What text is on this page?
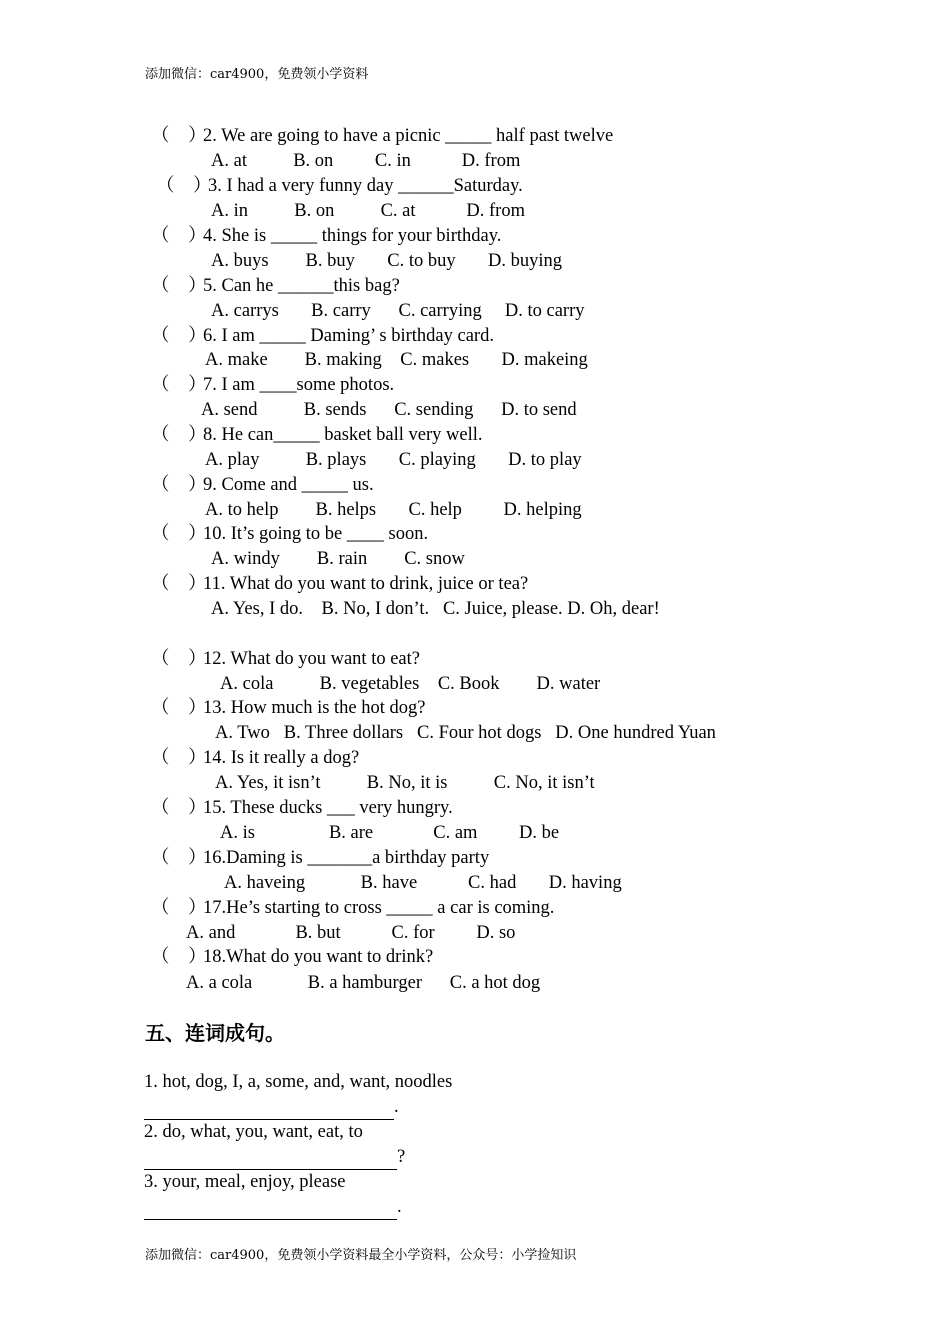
添加微信：car4900，免费领小学资料
（　）2. We are going to have a picnic _____ half past twelve
A. at          B. on         C. in           D. from
（　）3. I had a very funny day ______Saturday.
A. in          B. on          C. at           D. from
（　）4. She is _____ things for your birthday.
A. buys        B. buy       C. to buy       D. buying
（　）5. Can he ______this bag?
A. carrys       B. carry      C. carrying     D. to carry
（　）6. I am _____ Daming’ s birthday card.
A. make        B. making    C. makes       D. makeing
（　）7. I am ____some photos.
A. send          B. sends      C. sending      D. to send
（　）8. He can_____ basket ball very well.
A. play          B. plays       C. playing       D. to play
（　）9. Come and _____ us.
A. to help        B. helps       C. help         D. helping
（　）10. It’s going to be ____ soon.
A. windy        B. rain        C. snow
（　）11. What do you want to drink, juice or tea?
A. Yes, I do.    B. No, I don’t.   C. Juice, please. D. Oh, dear!
（　）12. What do you want to eat?
A. cola          B. vegetables    C. Book        D. water
（　）13. How much is the hot dog?
A. Two   B. Three dollars   C. Four hot dogs   D. One hundred Yuan
（　）14. Is it really a dog?
A. Yes, it isn’t          B. No, it is          C. No, it isn’t
（　）15. These ducks ___ very hungry.
A. is                B. are             C. am         D. be
（　）16.Daming is _______a birthday party
A. haveing            B. have           C. had       D. having
（　）17.He’s starting to cross _____ a car is coming.
A. and             B. but           C. for         D. so
（　）18.What do you want to drink?
A. a cola            B. a hamburger      C. a hot dog
五、连词成句。
1. hot, dog, I, a, some, and, want, noodles
.
2. do, what, you, want, eat, to
?
3. your, meal, enjoy, please
.
添加微信：car4900，免费领小学资料最全小学资料，公众号：小学捡知识
